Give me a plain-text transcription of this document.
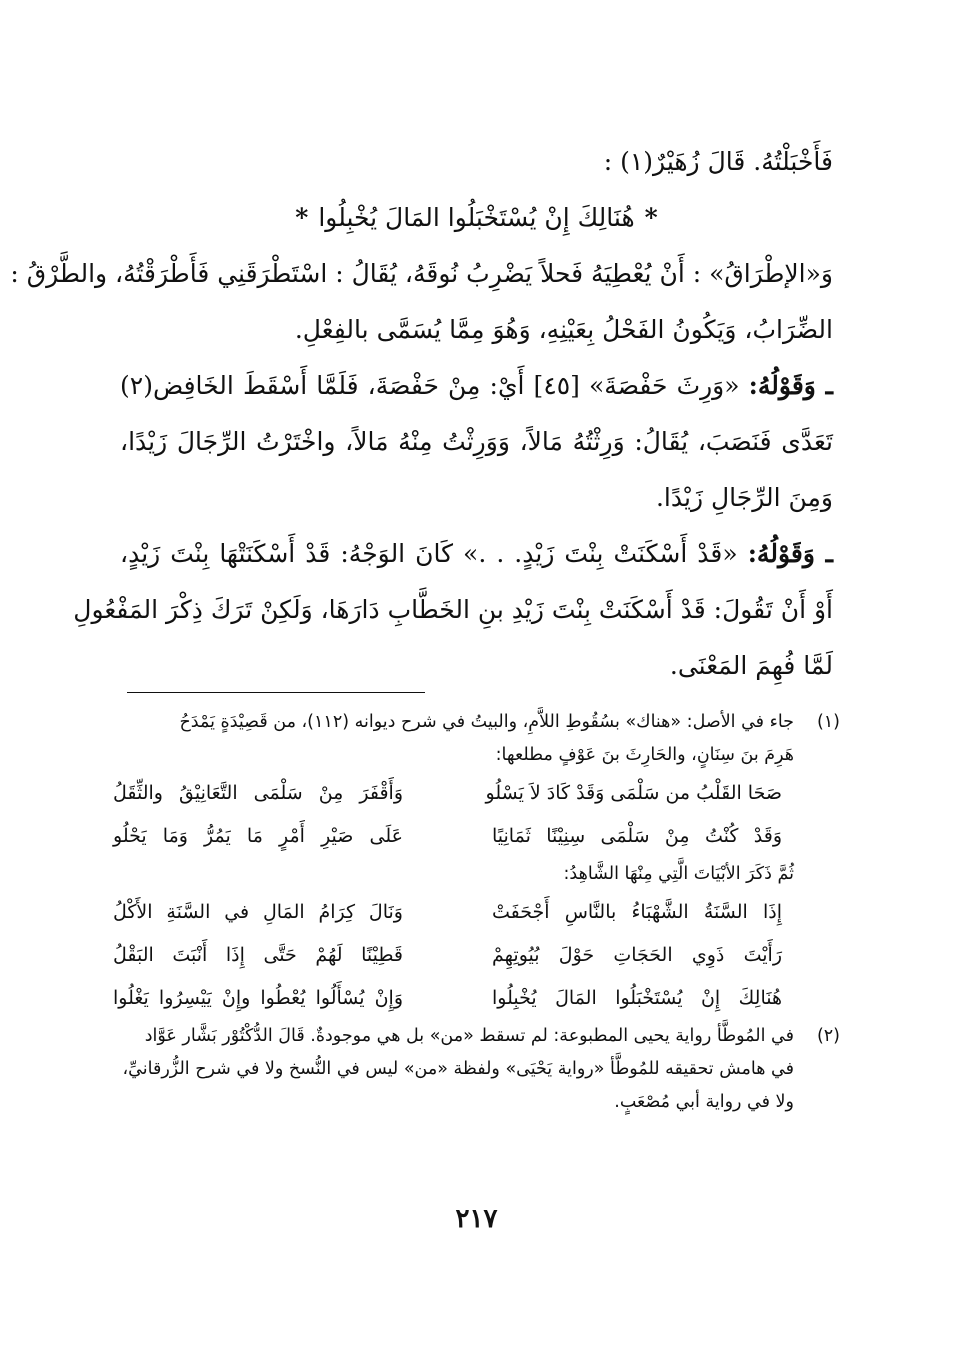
فَأَخْبَلْتُهُ. قَالَ زُهَيْرٌ(١) :
*هُنَالِكَ إِنْ يُسْتَخْبَلُوا المَالَ يُخْبِلُوا*
وَ«الإطْرَاقُ» : أَنْ يُعْطِيَهُ فَحلاً يَضْرِبُ نُوقَهُ، يُقَالُ : اسْتَطْرَقَنِي فَأَطْرَقْتُهُ، والطَّرْقُ :
الضِّرَابُ، وَيَكُونُ الفَحْلُ بِعَيْنِهِ، وَهُوَ مِمَّا يُسَمَّى بالفِعْلِ.
ـ وَقَوْلُهُ: «وَرِثَ حَفْصَةَ» [٤٥] أَيْ: مِنْ حَفْصَةَ، فَلَمَّا أَسْقَطَ الخَافِض(٢)
تَعَدَّى فَنَصَبَ، يُقَالُ: وَرِثْتُهُ مَالاً، وَوَرِثْتُ مِنْهُ مَالاً، واخْتَرْتُ الرِّجَالَ زَيْدًا،
وَمِنَ الرِّجَالِ زَيْدًا.
ـ وَقَوْلُهُ: «قَدْ أَسْكَنَتْ بِنْتَ زَيْدٍ. . .» كَانَ الوَجْهُ: قَدْ أَسْكَنَتْهَا بِنْتَ زَيْدٍ،
أَوْ أَنْ تَقُولَ: قَدْ أَسْكَنَتْ بِنْتَ زَيْدِ بنِ الخَطَّابِ دَارَهَا، وَلَكِنْ تَرَكَ ذِكْرَ المَفْعُولِ
لَمَّا فُهِمَ المَعْنَى.
(١)جاء في الأصل: «هناك» بسُقُوطِ اللاَّمِ، والبيتُ في شرح ديوانه (١١٢)، من قَصِيْدَةٍ يَمْدَحُ
هَرِمَ بنَ سِنَانٍ، والحَارِثَ بنَ عَوْفٍ مطلعها:
صَحَا القَلْبُ من سَلْمَى وَقَدْ كَادَ لاَ يَسْلُو
وَأَقْفَرَ مِنْ سَلْمَى التَّعَانِيْقُ والثِّقَلُ
وَقَدْ كُنْتُ مِنْ سَلْمَى سِنِيْنًا ثَمَانِيًا
عَلَى صَيْرِ أَمْرٍ مَا يَمُرُّ وَمَا يَحْلُو
ثُمَّ ذَكَرَ الأبْيَاتَ الَّتِي مِنْهَا الشَّاهِدُ:
إِذَا السَّنَةُ الشَّهْبَاءُ بالنَّاسِ أَجْحَفَتْ
وَنَالَ كِرَامُ المَالِ في السَّنَةِ الأَكْلُ
رَأَيْتَ ذَوِي الحَجَاتِ حَوْلَ بُيُوتِهِمْ
قَطِيْنًا لَهُمْ حَتَّى إِذَا أَنْبَتَ البَقْلُ
هُنَالِكَ إِنْ يُسْتَخْبَلُوا المَالَ يُخْبِلُوا
وَإِنْ يُسْأَلُوا يُعْطُوا وإِنْ يَيْسِرُوا يَغْلُوا
(٢)في المُوطَّأ رواية يحيى المطبوعة: لم تسقط «من» بل هي موجودةٌ. قَالَ الدُّكْتُوْر بَشَّار عَوَّاد
في هامش تحقيقه للمُوطَّأ «رواية يَحْيَى» ولفظة «من» ليس في النُّسخ ولا في شرح الزُّرقانيِّ،
ولا في رواية أبي مُصْعَبٍ.
٢١٧
